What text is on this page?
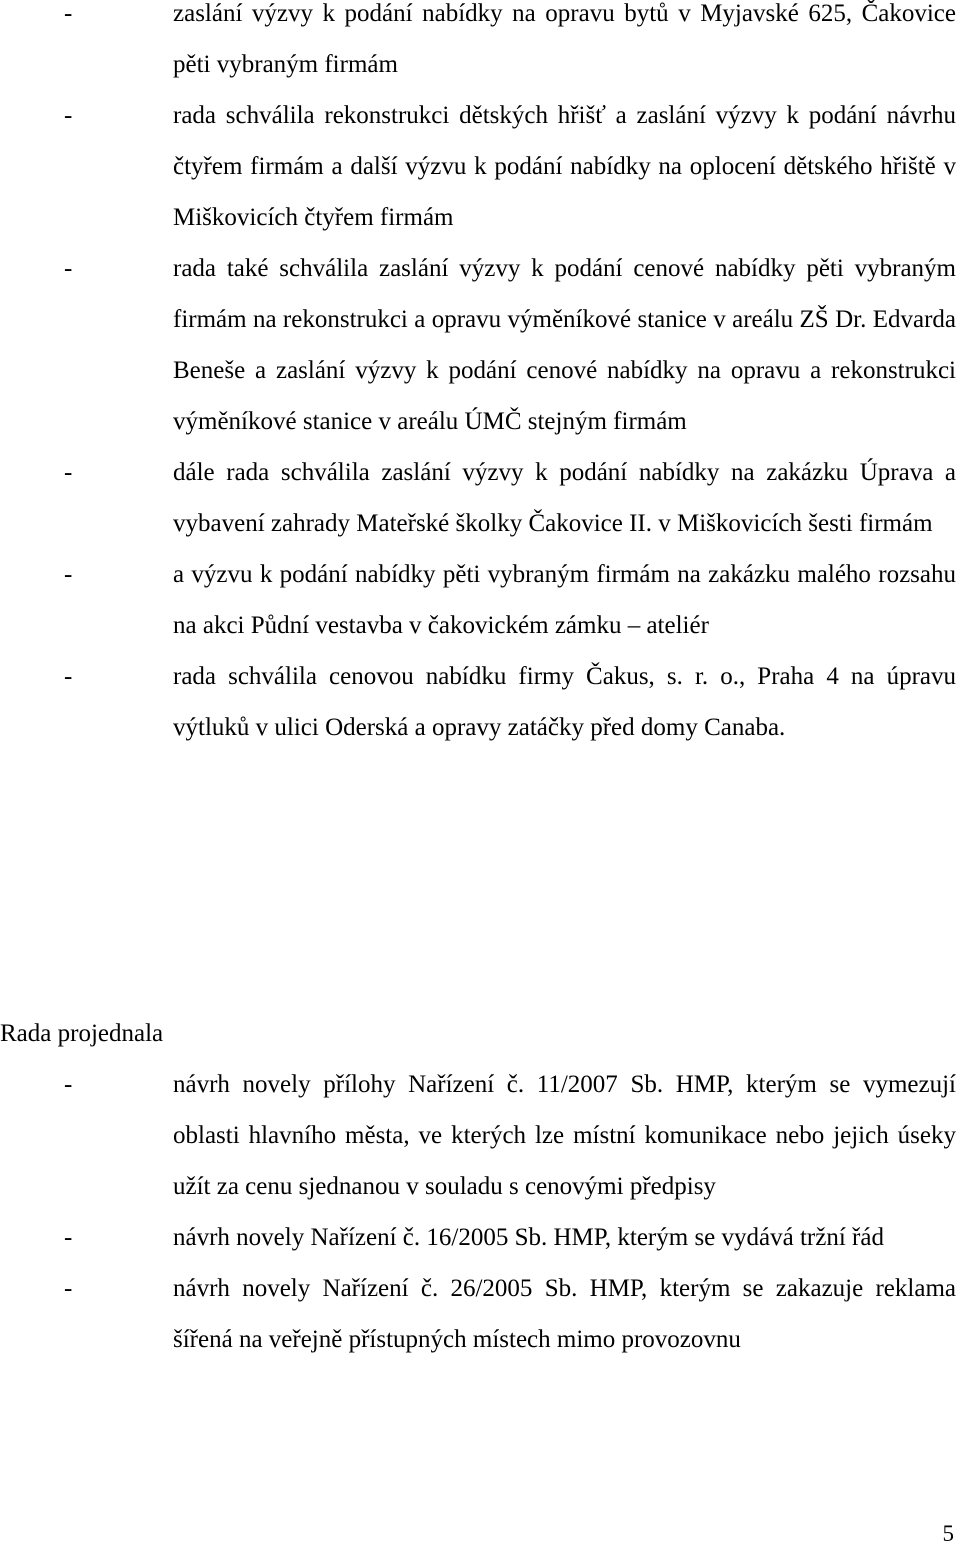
-	zaslání výzvy k podání nabídky na opravu bytů v Myjavské 625, Čakovice pěti vybraným firmám
-	rada schválila rekonstrukci dětských hřišť a zaslání výzvy k podání návrhu čtyřem firmám a další výzvu k podání nabídky na oplocení dětského hřiště v Miškovicích čtyřem firmám
-	rada také schválila zaslání výzvy k podání cenové nabídky pěti vybraným firmám na rekonstrukci a opravu výměníkové stanice v areálu ZŠ Dr. Edvarda Beneše a zaslání výzvy k podání cenové nabídky na opravu a rekonstrukci výměníkové stanice v areálu ÚMČ stejným firmám
-	dále rada schválila zaslání výzvy k podání nabídky na zakázku Úprava a vybavení zahrady Mateřské školky Čakovice II. v Miškovicích šesti firmám
-	a výzvu k podání nabídky pěti vybraným firmám na zakázku malého rozsahu na akci Půdní vestavba v čakovickém zámku – ateliér
-	rada schválila cenovou nabídku firmy Čakus, s. r. o., Praha 4 na úpravu výtluků v ulici Oderská a opravy zatáčky před domy Canaba.

Rada projednala

-	návrh novely přílohy Nařízení č. 11/2007 Sb. HMP, kterým se vymezují oblasti hlavního města, ve kterých lze místní komunikace nebo jejich úseky užít za cenu sjednanou v souladu s cenovými předpisy
-	návrh novely Nařízení č. 16/2005 Sb. HMP, kterým se vydává tržní řád
-	návrh novely Nařízení č. 26/2005 Sb. HMP, kterým se zakazuje reklama šířená na veřejně přístupných místech mimo provozovnu
5
